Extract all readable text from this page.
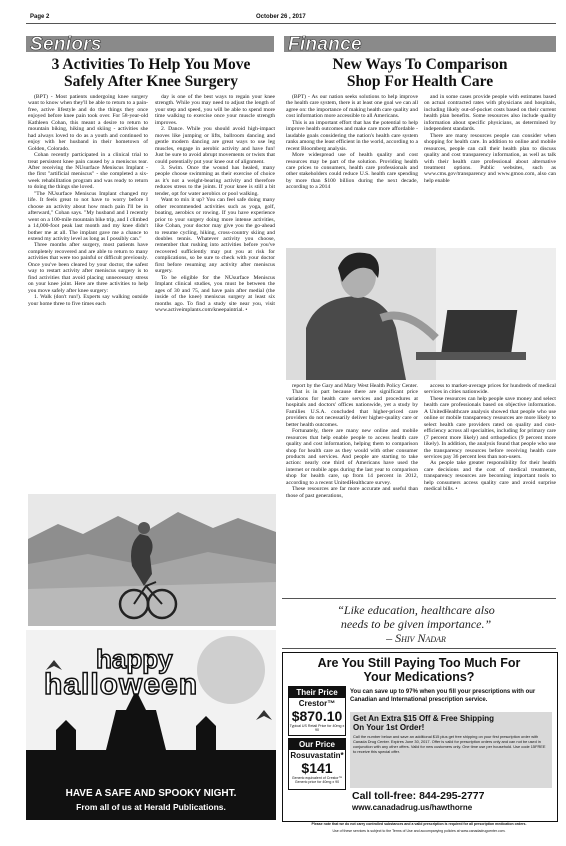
Page 2	October 26 , 2017
Seniors
3 Activities To Help You Move
Safely After Knee Surgery

(BPT) - Most patients undergoing knee surgery want to know when they'll be able to return to a pain-free, active lifestyle and do the things they once enjoyed before knee pain took over. For 58-year-old Kathleen Cohan, this meant a desire to return to mountain biking, hiking and skiing - activities she had always loved to do as a youth and continued to enjoy with her husband in their hometown of Golden, Colorado.

Cohan recently participated in a clinical trial to treat persistent knee pain caused by a meniscus tear. After receiving the NUsurface Meniscus Implant - the first "artificial meniscus" - she completed a six-week rehabilitation program and was ready to return to doing the things she loved.

"The NUsurface Meniscus Implant changed my life. It feels great to not have to worry before I choose an activity about how much pain I'll be in afterward," Cohan says. "My husband and I recently went on a 100-mile mountain bike trip, and I climbed a 14,000-foot peak last month and my knee didn't bother me at all. The implant gave me a chance to extend my activity level as long as I possibly can."

Three months after surgery, most patients have completely recovered and are able to return to many activities that were too painful or difficult previously. Once you've been cleared by your doctor, the safest way to restart activity after meniscus surgery is to find activities that avoid placing unnecessary stress on your knee joint. Here are three activities to help you move safely after knee surgery:

1. Walk (don't run!). Experts say walking outside your home three to five times each

day is one of the best ways to regain your knee strength. While you may need to adjust the length of your step and speed, you will be able to spend more time walking to exercise once your muscle strength improves.

2. Dance. While you should avoid high-impact moves like jumping or lifts, ballroom dancing and gentle modern dancing are great ways to use leg muscles, engage in aerobic activity and have fun! Just be sure to avoid abrupt movements or twists that could potentially put your knee out of alignment.

3. Swim. Once the wound has healed, many people choose swimming as their exercise of choice as it's not a weight-bearing activity and therefore reduces stress to the joints. If your knee is still a bit tender, opt for water aerobics or pool walking.

Want to mix it up? You can feel safe doing many other recommended activities such as yoga, golf, boating, aerobics or rowing. If you have experience prior to your surgery doing more intense activities, like Cohan, your doctor may give you the go-ahead to resume cycling, hiking, cross-country skiing and doubles tennis. Whatever activity you choose, remember that rushing into activities before you've recovered sufficiently may put you at risk for complications, so be sure to check with your doctor first before resuming any activity after meniscus surgery.

To be eligible for the NUsurface Meniscus Implant clinical studies, you must be between the ages of 30 and 75, and have pain after medial (the inside of the knee) meniscus surgery at least six months ago. To find a study site near you, visit www.activeimplants.com/kneepaintrial. •

Finance
New Ways To Comparison
Shop For Health Care

(BPT) - As our nation seeks solutions to help improve the health care system, there is at least one goal we can all agree on: the importance of making health care quality and cost information more accessible to all Americans.

This is an important effort that has the potential to help improve health outcomes and make care more affordable - laudable goals considering the nation's health care system ranks among the least efficient in the world, according to a recent Bloomberg analysis.

More widespread use of health quality and cost resources may be part of the solution. Providing health care prices to consumers, health care professionals and other stakeholders could reduce U.S. health care spending by more than $100 billion during the next decade, according to a 2014

and in some cases provide people with estimates based on actual contracted rates with physicians and hospitals, including likely out-of-pocket costs based on their current health plan benefits. Some resources also include quality information about specific physicians, as determined by independent standards.

There are many resources people can consider when shopping for health care. In addition to online and mobile resources, people can call their health plan to discuss quality and cost transparency information, as well as talk with their health care professional about alternative treatment options. Public websites, such as www.cms.gov/transparency and www.gmoo.com, also can help enable

report by the Gary and Mary West Health Policy Center.

That is in part because there are significant price variations for health care services and procedures at hospitals and doctors' offices nationwide, yet a study by Families U.S.A. concluded that higher-priced care providers do not necessarily deliver higher-quality care or better health outcomes.

Fortunately, there are many new online and mobile resources that help enable people to access health care quality and cost information, helping them to comparison shop for health care as they would with other consumer products and services. And people are starting to take action: nearly one third of Americans have used the internet or mobile apps during the last year to comparison shop for health care, up from 14 percent in 2012, according to a recent UnitedHealthcare survey.

These resources are far more accurate and useful than those of past generations,

access to market-average prices for hundreds of medical services in cities nationwide.

These resources can help people save money and select health care professionals based on objective information. A UnitedHealthcare analysis showed that people who use online or mobile transparency resources are more likely to select health care providers rated on quality and cost-efficiency across all specialties, including for primary care (7 percent more likely) and orthopedics (9 percent more likely). In addition, the analysis found that people who use the transparency resources before receiving health care services pay 36 percent less than non-users.

As people take greater responsibility for their health care decisions and the cost of medical treatments, transparency resources are becoming important tools to help consumers access quality care and avoid surprise medical bills. •

“Like education, healthcare also
needs to be given importance.”
– Shiv Nadar
happy
halloween
HAVE A SAFE AND SPOOKY NIGHT.
From all of us at Herald Publications.
Are You Still Paying Too Much For
Your Medications?
Their Price
Crestor™
$870.10
Typical US Retail Price for 40mg x 90
Our Price
Rosuvastatin*
$141
Generic equivalent of Crestor™ Generic price for 40mg x 90
You can save up to 97% when you fill your prescriptions with our Canadian and International prescription service.
Get An Extra $15 Off & Free Shipping
On Your 1st Order!
Call the number below and save an additional $15 plus get free shipping on your first prescription order with Canada Drug Center. Expires June 30, 2017. Offer is valid for prescription orders only and can not be used in conjunction with any other offers. Valid for new customers only. One time use per household. Use code 15FREE to receive this special offer.
Call toll-free: 844-295-2777
www.canadadrug.us/hawthorne
Please note that we do not carry controlled substances and a valid prescription is required for all prescription medication orders.
Use of these services is subject to the Terms of Use and accompanying policies at www.canadadrugcenter.com.
